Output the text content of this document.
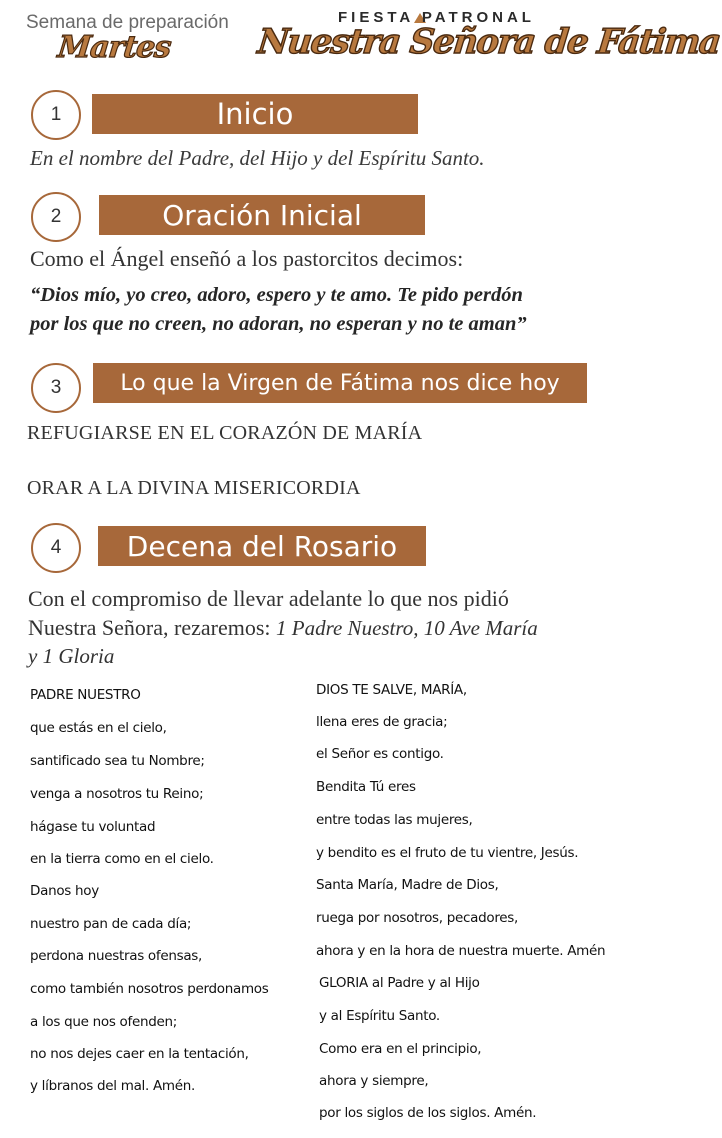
Semana de preparación
Martes
FIESTA PATRONAL
Nuestra Señora de Fátima
1	Inicio
En el nombre del Padre, del Hijo y del Espíritu Santo.
2	Oración Inicial
Como el Ángel enseñó a los pastorcitos decimos:
“Dios mío, yo creo, adoro, espero y te amo. Te pido perdón
por los que no creen, no adoran, no esperan y no te aman”
3	Lo que la Virgen de Fátima nos dice hoy
REFUGIARSE EN EL CORAZÓN DE MARÍA
ORAR A LA DIVINA MISERICORDIA
4	Decena del Rosario
Con el compromiso de llevar adelante lo que nos pidió
Nuestra Señora, rezaremos: 1 Padre Nuestro, 10 Ave María
y 1 Gloria
PADRE NUESTRO
que estás en el cielo,
santificado sea tu Nombre;
venga a nosotros tu Reino;
hágase tu voluntad
en la tierra como en el cielo.
Danos hoy
nuestro pan de cada día;
perdona nuestras ofensas,
como también nosotros perdonamos
a los que nos ofenden;
no nos dejes caer en la tentación,
y líbranos del mal. Amén.
DIOS TE SALVE, MARÍA,
llena eres de gracia;
el Señor es contigo.
Bendita Tú eres
entre todas las mujeres,
y bendito es el fruto de tu vientre, Jesús.
Santa María, Madre de Dios,
ruega por nosotros, pecadores,
ahora y en la hora de nuestra muerte. Amén
GLORIA al Padre y al Hijo
y al Espíritu Santo.
Como era en el principio,
ahora y siempre,
por los siglos de los siglos. Amén.
